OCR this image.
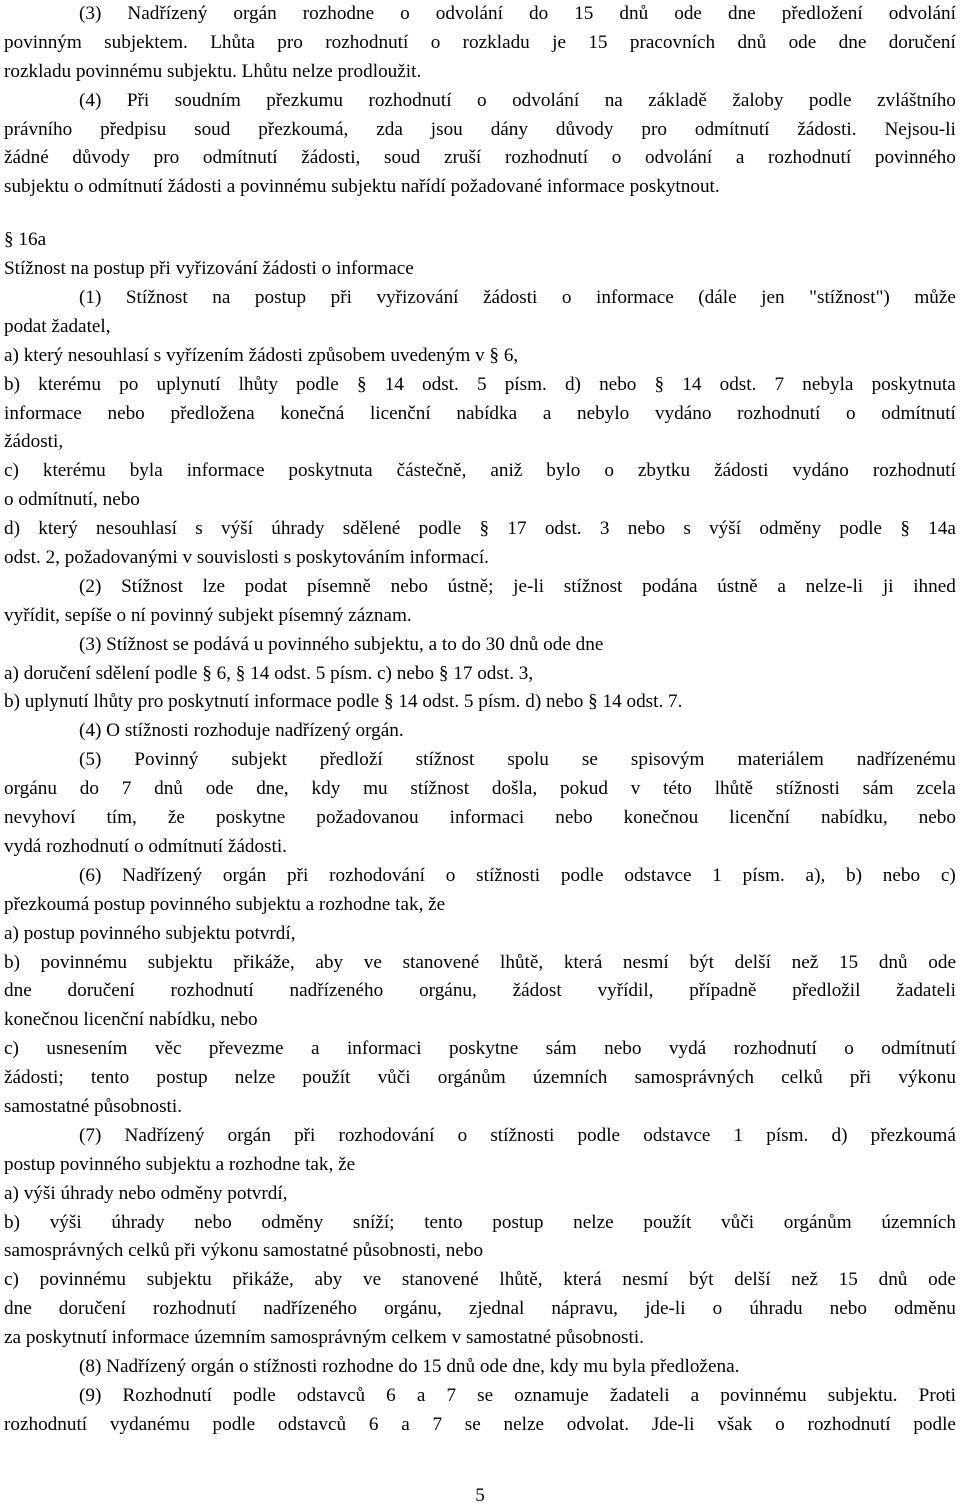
(3) Nadřízený orgán rozhodne o odvolání do 15 dnů ode dne předložení odvolání
povinným subjektem. Lhůta pro rozhodnutí o rozkladu je 15 pracovních dnů ode dne doručení
rozkladu povinnému subjektu. Lhůtu nelze prodloužit.
(4) Při soudním přezkumu rozhodnutí o odvolání na základě žaloby podle zvláštního
právního předpisu soud přezkoumá, zda jsou dány důvody pro odmítnutí žádosti. Nejsou-li
žádné důvody pro odmítnutí žádosti, soud zruší rozhodnutí o odvolání a rozhodnutí povinného
subjektu o odmítnutí žádosti a povinnému subjektu nařídí požadované informace poskytnout.
§ 16a
Stížnost na postup při vyřizování žádosti o informace
(1) Stížnost na postup při vyřizování žádosti o informace (dále jen "stížnost") může
podat žadatel,
a) který nesouhlasí s vyřízením žádosti způsobem uvedeným v § 6,
b) kterému po uplynutí lhůty podle § 14 odst. 5 písm. d) nebo § 14 odst. 7 nebyla poskytnuta
informace nebo předložena konečná licenční nabídka a nebylo vydáno rozhodnutí o odmítnutí
žádosti,
c) kterému byla informace poskytnuta částečně, aniž bylo o zbytku žádosti vydáno rozhodnutí
o odmítnutí, nebo
d) který nesouhlasí s výší úhrady sdělené podle § 17 odst. 3 nebo s výší odměny podle § 14a
odst. 2, požadovanými v souvislosti s poskytováním informací.
(2) Stížnost lze podat písemně nebo ústně; je-li stížnost podána ústně a nelze-li ji ihned
vyřídit, sepíše o ní povinný subjekt písemný záznam.
(3) Stížnost se podává u povinného subjektu, a to do 30 dnů ode dne
a) doručení sdělení podle § 6, § 14 odst. 5 písm. c) nebo § 17 odst. 3,
b) uplynutí lhůty pro poskytnutí informace podle § 14 odst. 5 písm. d) nebo § 14 odst. 7.
(4) O stížnosti rozhoduje nadřízený orgán.
(5) Povinný subjekt předloží stížnost spolu se spisovým materiálem nadřízenému
orgánu do 7 dnů ode dne, kdy mu stížnost došla, pokud v této lhůtě stížnosti sám zcela
nevyhoví tím, že poskytne požadovanou informaci nebo konečnou licenční nabídku, nebo
vydá rozhodnutí o odmítnutí žádosti.
(6) Nadřízený orgán při rozhodování o stížnosti podle odstavce 1 písm. a), b) nebo c)
přezkoumá postup povinného subjektu a rozhodne tak, že
a) postup povinného subjektu potvrdí,
b) povinnému subjektu přikáže, aby ve stanovené lhůtě, která nesmí být delší než 15 dnů ode
dne doručení rozhodnutí nadřízeného orgánu, žádost vyřídil, případně předložil žadateli
konečnou licenční nabídku, nebo
c) usnesením věc převezme a informaci poskytne sám nebo vydá rozhodnutí o odmítnutí
žádosti; tento postup nelze použít vůči orgánům územních samosprávných celků při výkonu
samostatné působnosti.
(7) Nadřízený orgán při rozhodování o stížnosti podle odstavce 1 písm. d) přezkoumá
postup povinného subjektu a rozhodne tak, že
a) výši úhrady nebo odměny potvrdí,
b) výši úhrady nebo odměny sníží; tento postup nelze použít vůči orgánům územních
samosprávných celků při výkonu samostatné působnosti, nebo
c) povinnému subjektu přikáže, aby ve stanovené lhůtě, která nesmí být delší než 15 dnů ode
dne doručení rozhodnutí nadřízeného orgánu, zjednal nápravu, jde-li o úhradu nebo odměnu
za poskytnutí informace územním samosprávným celkem v samostatné působnosti.
(8) Nadřízený orgán o stížnosti rozhodne do 15 dnů ode dne, kdy mu byla předložena.
(9) Rozhodnutí podle odstavců 6 a 7 se oznamuje žadateli a povinnému subjektu. Proti
rozhodnutí vydanému podle odstavců 6 a 7 se nelze odvolat. Jde-li však o rozhodnutí podle
5
